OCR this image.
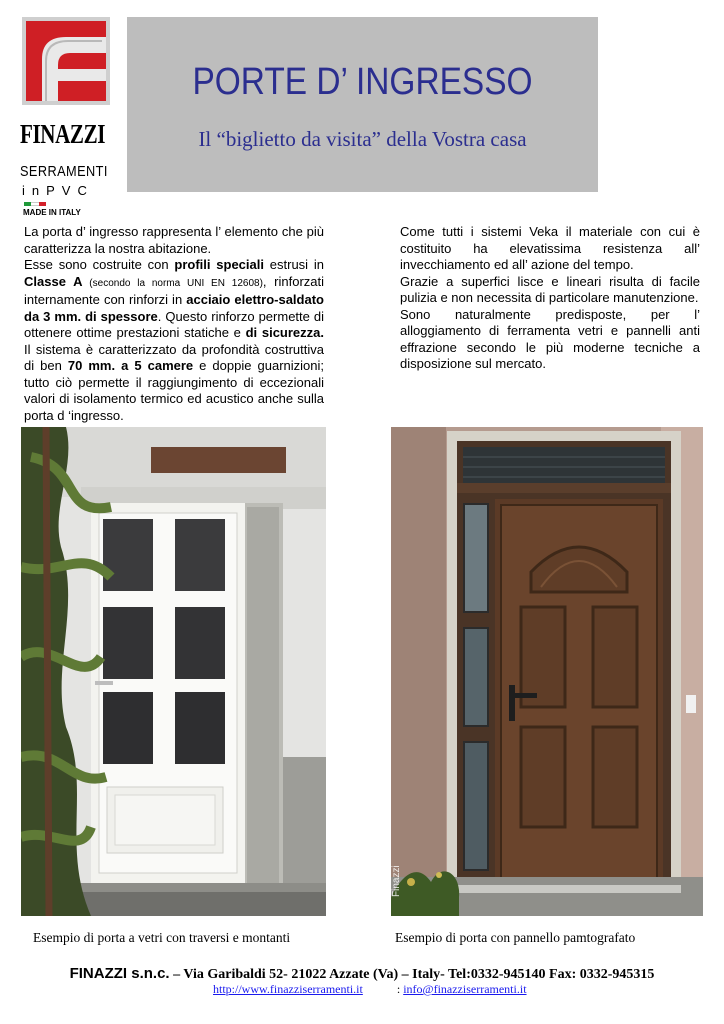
FINAZZI
SERRAMENTI
inPVC
MADE IN ITALY
PORTE D’ INGRESSO
Il “biglietto da visita” della Vostra casa

La porta d’ ingresso rappresenta l’ elemento che più caratterizza la nostra abitazione.

Esse sono costruite con profili speciali estrusi in Classe A (secondo la norma UNI EN 12608), rinforzati internamente con rinforzi in acciaio elettro-saldato da 3 mm. di spessore. Questo rinforzo permette di ottenere ottime prestazioni statiche e di sicurezza. Il sistema è caratterizzato da profondità costruttiva di ben 70 mm. a 5 camere e doppie guarnizioni; tutto ciò permette il raggiungimento di eccezionali valori di isolamento termico ed acustico anche sulla porta d ‘ingresso.

Come tutti i sistemi Veka il materiale con cui è costituito ha elevatissima resistenza all’ invecchiamento ed all’ azione del tempo.

Grazie a superfici lisce e lineari risulta di facile pulizia e non necessita di particolare manutenzione.

Sono naturalmente predisposte, per l’ alloggiamento di ferramenta vetri e pannelli anti effrazione secondo le più moderne tecniche a disposizione sul mercato.

Finazzi
Esempio di porta a vetri con traversi e montanti	Esempio di porta con pannello pamtografato
FINAZZI s.n.c. – Via Garibaldi 52- 21022 Azzate (Va) – Italy- Tel:0332-945140 Fax: 0332-945315
http://www.finazziserramenti.it	: info@finazziserramenti.it
